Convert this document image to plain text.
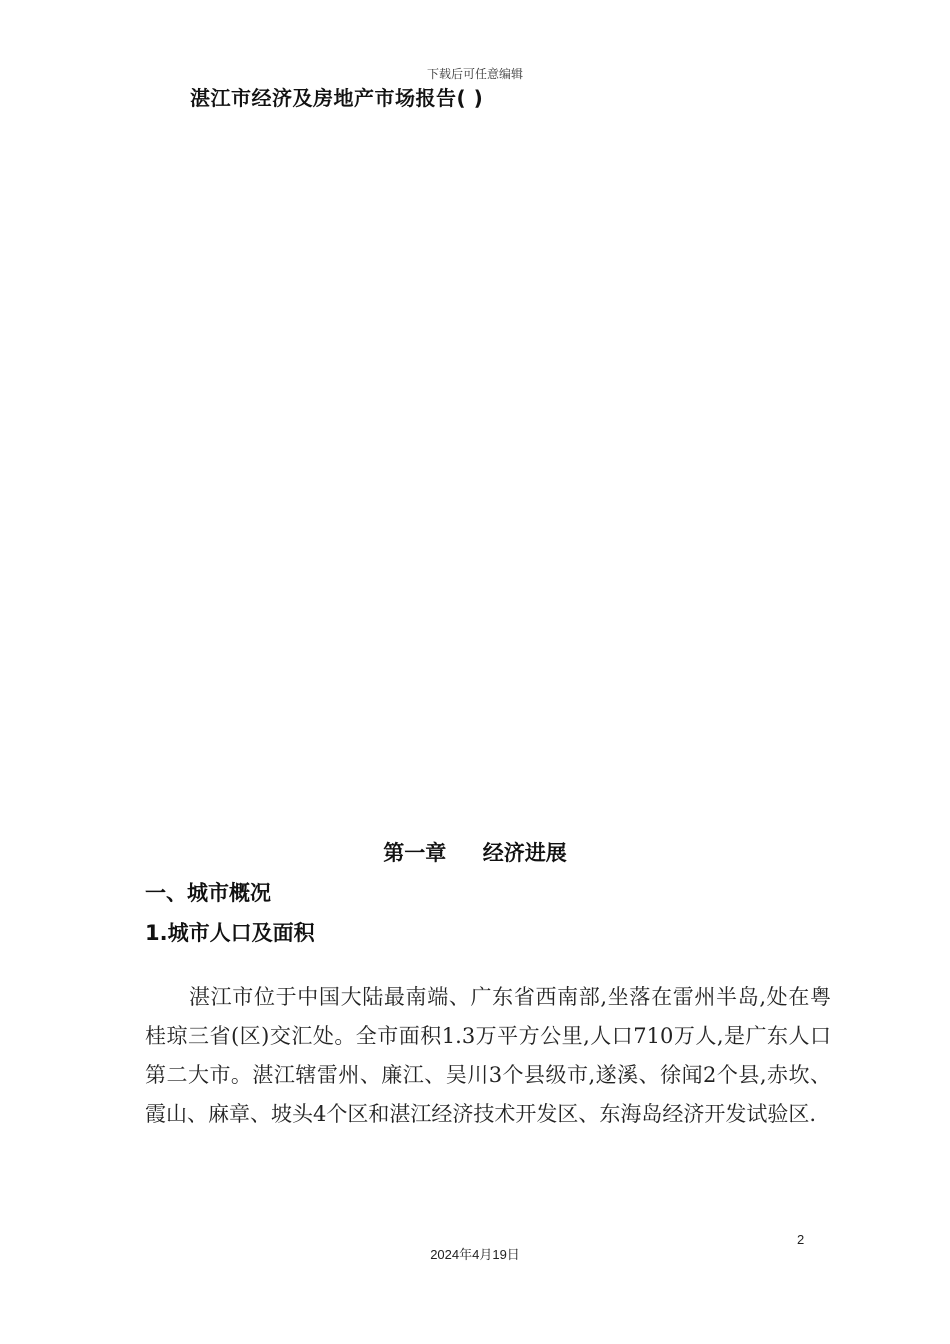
下载后可任意编辑
湛江市经济及房地产市场报告( )
第一章     经济进展
一、城市概况
1.城市人口及面积

湛江市位于中国大陆最南端、广东省西南部,坐落在雷州半岛,处在粤桂琼三省(区)交汇处。全市面积1.3万平方公里,人口710万人,是广东人口第二大市。湛江辖雷州、廉江、吴川3个县级市,遂溪、徐闻2个县,赤坎、霞山、麻章、坡头4个区和湛江经济技术开发区、东海岛经济开发试验区.

2
2024年4月19日
